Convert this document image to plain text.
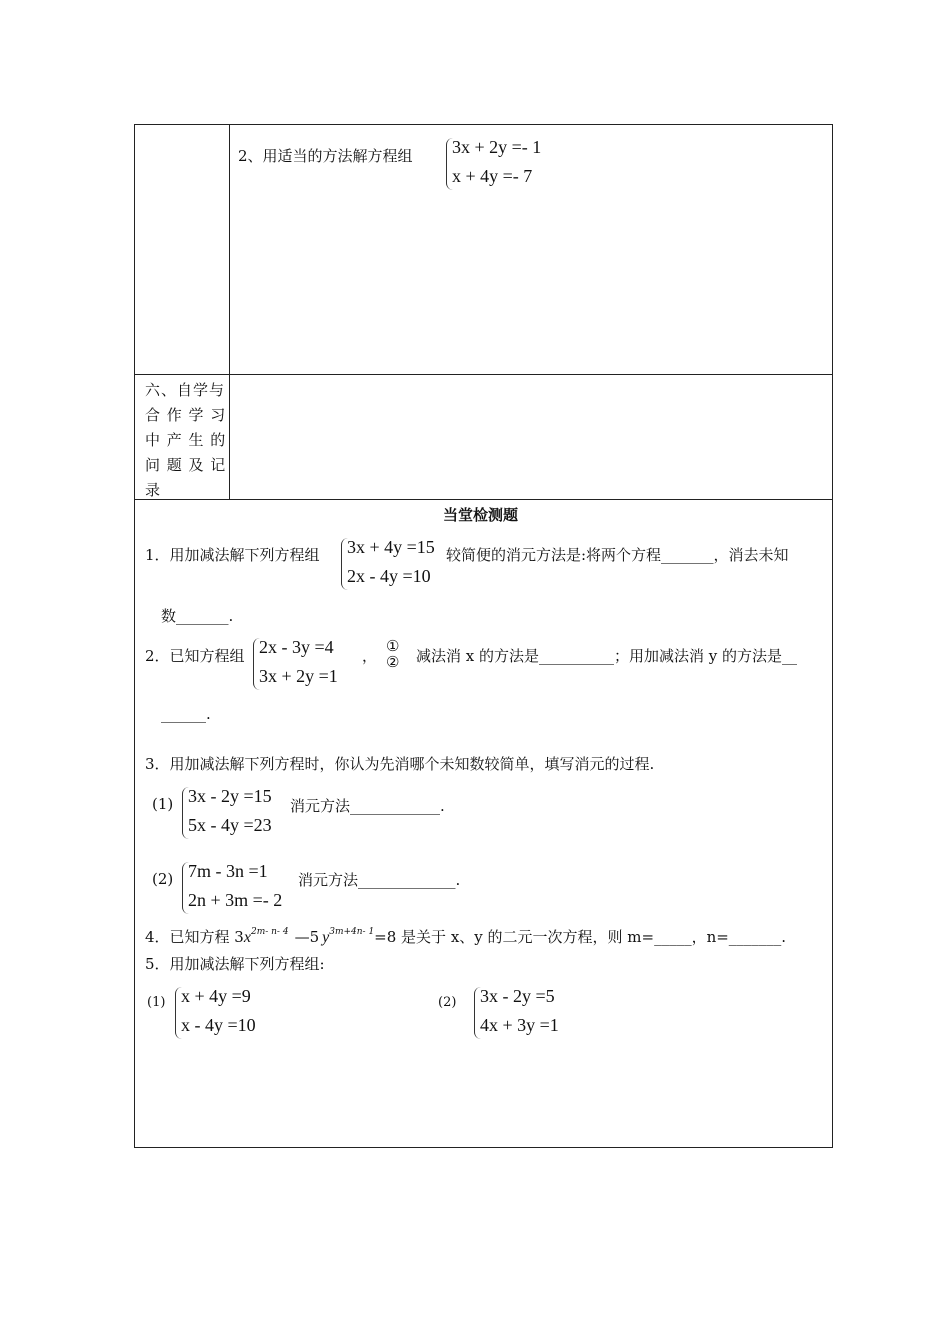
2、用适当的方法解方程组 3x + 2y =- 1
x + 4y =- 7
六、自学与
合 作 学 习
中 产 生 的
问 题 及 记
录
当堂检测题
1．用加减法解下列方程组 3x + 4y =15
2x - 4y =10
较简便的消元方法是:将两个方程_______，消去未知
数_______.
2．已知方程组 2x - 3y =4
3x + 2y =1
，
①
② 减法消 x 的方法是__________；用加减法消 y 的方法是__
______.
3．用加减法解下列方程时，你认为先消哪个未知数较简单，填写消元的过程.
(1) 3x - 2y =15
5x - 4y =23
消元方法____________.
(2) 7m - 3n =1
2n + 3m =- 2
消元方法_____________.
4．已知方程 $3x^{2m- n- 4}$ —5 $y^{3m+4n- 1}=8$ 是关于 x、y 的二元一次方程，则 m=_____，n=_______.
5．用加减法解下列方程组:
(1) x + 4y =9
x - 4y =10
(2) 3x - 2y =5
4x + 3y =1
